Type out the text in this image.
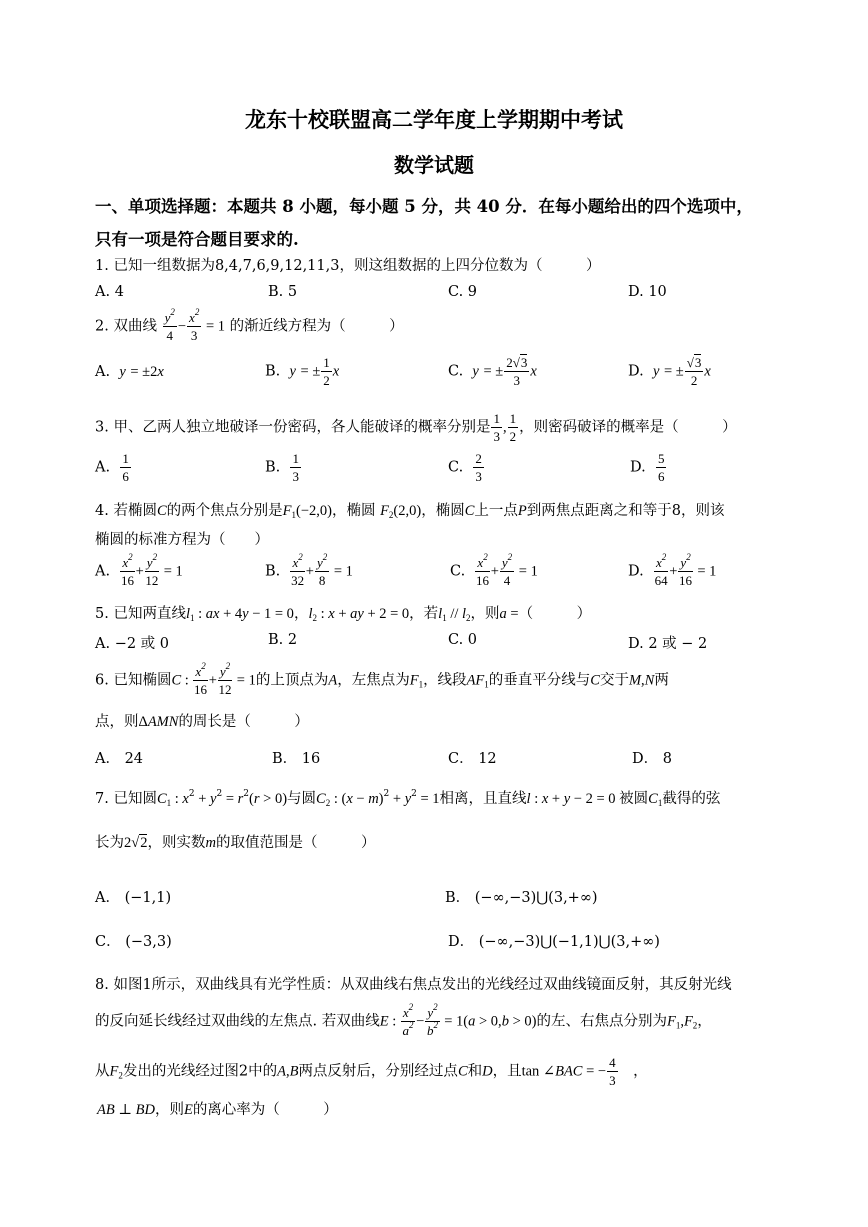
龙东十校联盟高二学年度上学期期中考试
数学试题
一、单项选择题：本题共 8 小题，每小题 5 分，共 40 分．在每小题给出的四个选项中，
只有一项是符合题目要求的.
1. 已知一组数据为8,4,7,6,9,12,11,3，则这组数据的上四分位数为（　　　）
A. 4	B. 5	C. 9	D. 10
2. 双曲线 $\frac{y^2}{4} - \frac{x^2}{3} = 1$ 的渐近线方程为（　　　）
A. y = ±2x	B. y = ± $\frac{1}{2}$ x	C. y = ± $\frac{2√3}{3}$ x	D. y = ± $\frac{√3}{2}$ x
3. 甲、乙两人独立地破译一份密码，各人能破译的概率分别是 $\frac{1}{3}$ , $\frac{1}{2}$ ，则密码破译的概率是（　　　）
A. $\frac{1}{6}$	B. $\frac{1}{3}$	C. $\frac{2}{3}$	D. $\frac{5}{6}$
4. 若椭圆C的两个焦点分别是$F_1(-2,0)$，椭圆 $F_2(2,0)$，椭圆C上一点P到两焦点距离之和等于8，则该
椭圆的标准方程为（　　）
A. $\frac{x^2}{16} + \frac{y^2}{12} = 1$	B. $\frac{x^2}{32} + \frac{y^2}{8} = 1$	C. $\frac{x^2}{16} + \frac{y^2}{4} = 1$	D. $\frac{x^2}{64} + \frac{y^2}{16} = 1$
5. 已知两直线$l_1$ : ax + 4y − 1 = 0，$l_2$ : x + ay + 2 = 0，若$l_1 // l_2$，则a =（　　　）
A. −2 或 0	B. 2	C. 0	D. 2 或 − 2
6. 已知椭圆C : $\frac{x^2}{16} + \frac{y^2}{12} = 1$的上顶点为A，左焦点为$F_1$，线段$AF_1$的垂直平分线与C交于M,N两
点，则ΔAMN的周长是（　　　）
A． 24	B． 16	C． 12	D． 8
7. 已知圆$C_1$ : $x^2 + y^2 = r^2(r > 0)$与圆$C_2$ : $(x - m)^2 + y^2 = 1$相离，且直线l : x + y − 2 = 0 被圆$C_1$截得的弦
长为2√2，则实数m的取值范围是（　　　）
A． (−1,1)	B． (−∞,−3)⋃(3,+∞)
C． (−3,3)	D． (−∞,−3)⋃(−1,1)⋃(3,+∞)
8. 如图1所示，双曲线具有光学性质：从双曲线右焦点发出的光线经过双曲线镜面反射，其反射光线
的反向延长线经过双曲线的左焦点. 若双曲线E : $\frac{x^2}{a^2} - \frac{y^2}{b^2} = 1(a > 0,b > 0)$的左、右焦点分别为$F_1,F_2$，
从$F_2$发出的光线经过图2中的A,B两点反射后，分别经过点C和D，且tan ∠BAC = − $\frac{4}{3}$ 　，
AB ⊥ BD，则E的离心率为（　　　）
